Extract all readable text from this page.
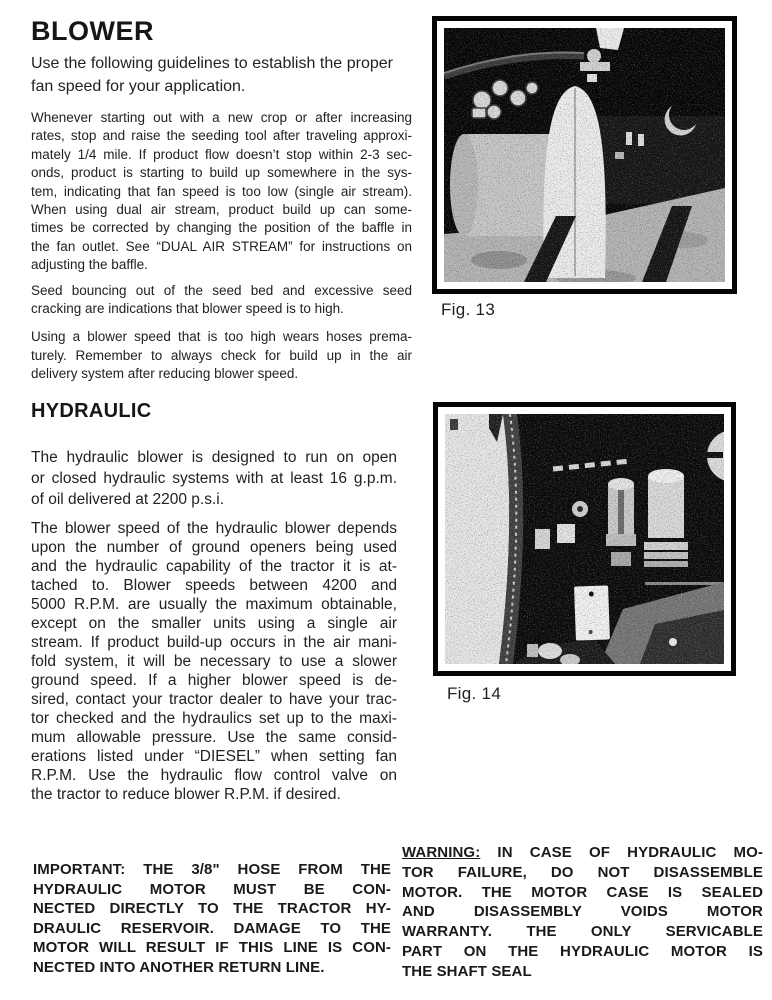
BLOWER
Use the following guidelines to establish the proper
fan speed for your application.
Whenever starting out with a new crop or after increasing
rates, stop and raise the seeding tool after traveling approxi-
mately 1/4 mile. If product flow doesn’t stop within 2-3 sec-
onds, product is starting to build up somewhere in the sys-
tem, indicating that fan speed is too low (single air stream).
When using dual air stream, product build up can some-
times be corrected by changing the position of the baffle in
the fan outlet. See “DUAL AIR STREAM” for instructions on
adjusting the baffle.
Seed bouncing out of the seed bed and excessive seed
cracking are indications that blower speed is to high.
Using a blower speed that is too high wears hoses prema-
turely. Remember to always check for build up in the air
delivery system after reducing blower speed.
HYDRAULIC
The hydraulic blower is designed to run on open
or closed hydraulic systems with at least 16 g.p.m.
of oil delivered at 2200 p.s.i.
The blower speed of the hydraulic blower depends
upon the number of ground openers being used
and the hydraulic capability of the tractor it is at-
tached to. Blower speeds between 4200 and
5000 R.P.M. are usually the maximum obtainable,
except on the smaller units using a single air
stream. If product build-up occurs in the air mani-
fold system, it will be necessary to use a slower
ground speed. If a higher blower speed is de-
sired, contact your tractor dealer to have your trac-
tor checked and the hydraulics set up to the maxi-
mum allowable pressure. Use the same consid-
erations listed under “DIESEL” when setting fan
R.P.M. Use the hydraulic flow control valve on
the tractor to reduce blower R.P.M. if desired.
Fig. 13
Fig. 14
IMPORTANT: THE 3/8" HOSE FROM THE
HYDRAULIC MOTOR MUST BE CON-
NECTED DIRECTLY TO THE TRACTOR HY-
DRAULIC RESERVOIR. DAMAGE TO THE
MOTOR WILL RESULT IF THIS LINE IS CON-
NECTED INTO ANOTHER RETURN LINE.
WARNING: IN CASE OF HYDRAULIC MO-
TOR FAILURE, DO NOT DISASSEMBLE
MOTOR. THE MOTOR CASE IS SEALED
AND DISASSEMBLY VOIDS MOTOR
WARRANTY. THE ONLY SERVICABLE
PART ON THE HYDRAULIC MOTOR IS
THE SHAFT SEAL
